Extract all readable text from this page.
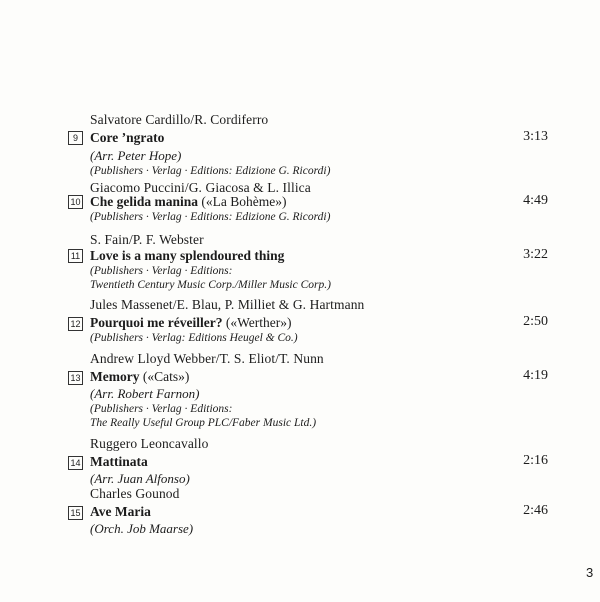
Salvatore Cardillo/R. Cordiferro
9 Core ’ngrato	3:13
(Arr. Peter Hope)
(Publishers · Verlag · Editions: Edizione G. Ricordi)
Giacomo Puccini/G. Giacosa & L. Illica
10 Che gelida manina («La Bohème»)	4:49
(Publishers · Verlag · Editions: Edizione G. Ricordi)
S. Fain/P. F. Webster
11 Love is a many splendoured thing	3:22
(Publishers · Verlag · Editions:
Twentieth Century Music Corp./Miller Music Corp.)
Jules Massenet/E. Blau, P. Milliet & G. Hartmann
12 Pourquoi me réveiller? («Werther»)	2:50
(Publishers · Verlag: Editions Heugel & Co.)
Andrew Lloyd Webber/T. S. Eliot/T. Nunn
13 Memory («Cats»)	4:19
(Arr. Robert Farnon)
(Publishers · Verlag · Editions:
The Really Useful Group PLC/Faber Music Ltd.)
Ruggero Leoncavallo
14 Mattinata	2:16
(Arr. Juan Alfonso)
Charles Gounod
15 Ave Maria	2:46
(Orch. Job Maarse)
3
